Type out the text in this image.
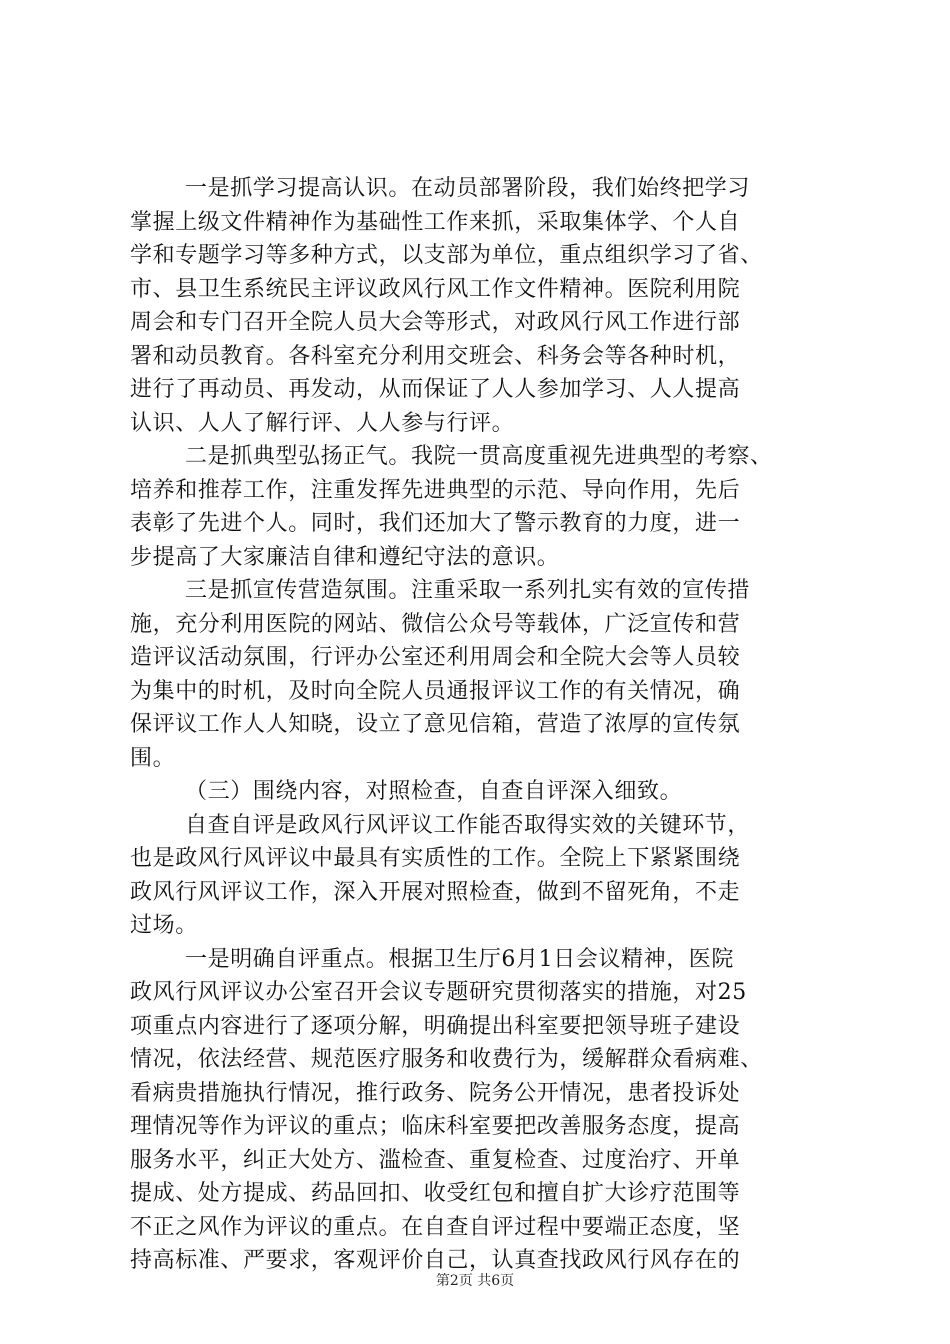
一是抓学习提高认识。在动员部署阶段，我们始终把学习
掌握上级文件精神作为基础性工作来抓，采取集体学、个人自
学和专题学习等多种方式，以支部为单位，重点组织学习了省、
市、县卫生系统民主评议政风行风工作文件精神。医院利用院
周会和专门召开全院人员大会等形式，对政风行风工作进行部
署和动员教育。各科室充分利用交班会、科务会等各种时机，
进行了再动员、再发动，从而保证了人人参加学习、人人提高
认识、人人了解行评、人人参与行评。
二是抓典型弘扬正气。我院一贯高度重视先进典型的考察、
培养和推荐工作，注重发挥先进典型的示范、导向作用，先后
表彰了先进个人。同时，我们还加大了警示教育的力度，进一
步提高了大家廉洁自律和遵纪守法的意识。
三是抓宣传营造氛围。注重采取一系列扎实有效的宣传措
施，充分利用医院的网站、微信公众号等载体，广泛宣传和营
造评议活动氛围，行评办公室还利用周会和全院大会等人员较
为集中的时机，及时向全院人员通报评议工作的有关情况，确
保评议工作人人知晓，设立了意见信箱，营造了浓厚的宣传氛
围。
（三）围绕内容，对照检查，自查自评深入细致。
自查自评是政风行风评议工作能否取得实效的关键环节，
也是政风行风评议中最具有实质性的工作。全院上下紧紧围绕
政风行风评议工作，深入开展对照检查，做到不留死角，不走
过场。
一是明确自评重点。根据卫生厅6月1日会议精神，医院
政风行风评议办公室召开会议专题研究贯彻落实的措施，对25
项重点内容进行了逐项分解，明确提出科室要把领导班子建设
情况，依法经营、规范医疗服务和收费行为，缓解群众看病难、
看病贵措施执行情况，推行政务、院务公开情况，患者投诉处
理情况等作为评议的重点；临床科室要把改善服务态度，提高
服务水平，纠正大处方、滥检查、重复检查、过度治疗、开单
提成、处方提成、药品回扣、收受红包和擅自扩大诊疗范围等
不正之风作为评议的重点。在自查自评过程中要端正态度，坚
持高标准、严要求，客观评价自己，认真查找政风行风存在的
第2页 共6页
